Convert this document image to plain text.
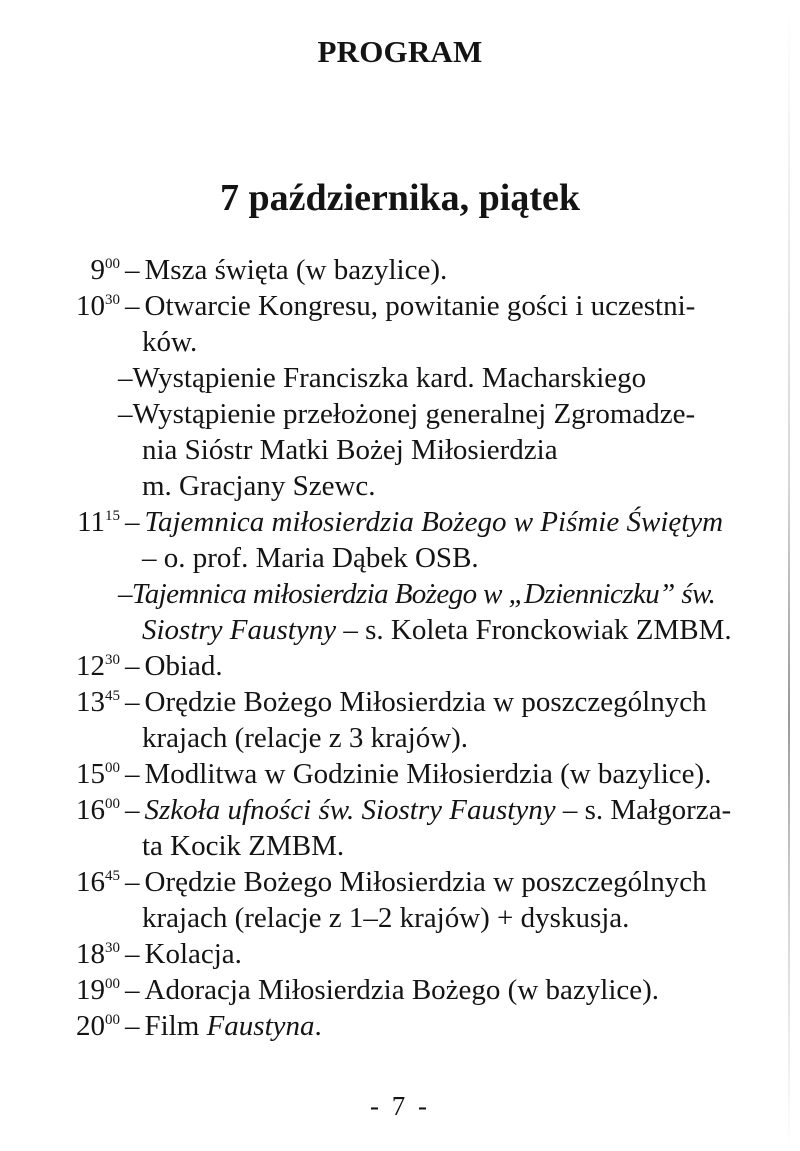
PROGRAM
7 października, piątek
$9^{00}$ – Msza święta (w bazylice).
$10^{30}$ – Otwarcie Kongresu, powitanie gości i uczestni-
ków.
–Wystąpienie Franciszka kard. Macharskiego
–Wystąpienie przełożonej generalnej Zgromadze-
nia Sióstr Matki Bożej Miłosierdzia
m. Gracjany Szewc.
$11^{15}$ – Tajemnica miłosierdzia Bożego w Piśmie Świętym
– o. prof. Maria Dąbek OSB.
–Tajemnica miłosierdzia Bożego w „Dzienniczku” św.
Siostry Faustyny – s. Koleta Fronckowiak ZMBM.
$12^{30}$ – Obiad.
$13^{45}$ – Orędzie Bożego Miłosierdzia w poszczególnych
krajach (relacje z 3 krajów).
$15^{00}$ – Modlitwa w Godzinie Miłosierdzia (w bazylice).
$16^{00}$ – Szkoła ufności św. Siostry Faustyny – s. Małgorza-
ta Kocik ZMBM.
$16^{45}$ – Orędzie Bożego Miłosierdzia w poszczególnych
krajach (relacje z 1–2 krajów) + dyskusja.
$18^{30}$ – Kolacja.
$19^{00}$ – Adoracja Miłosierdzia Bożego (w bazylice).
$20^{00}$ – Film Faustyna.
- 7 -
